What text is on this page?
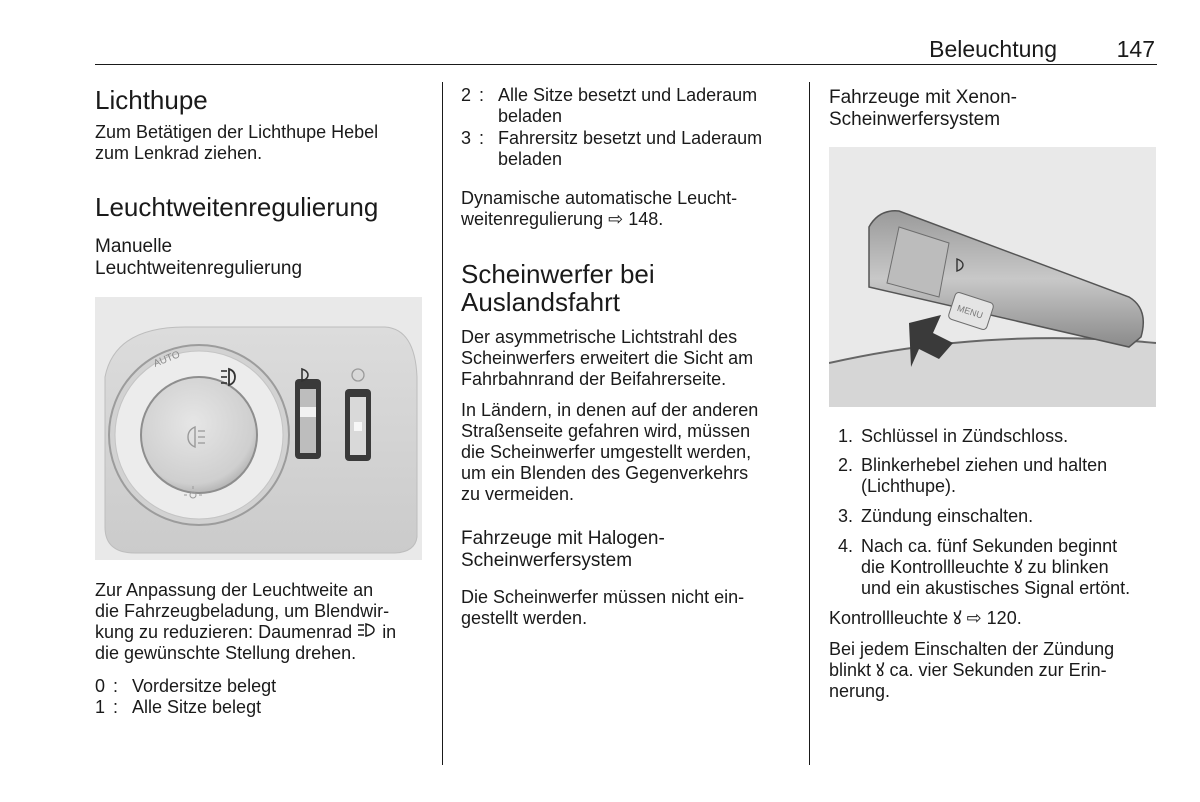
Beleuchtung	147
Lichthupe

Zum Betätigen der Lichthupe Hebel

zum Lenkrad ziehen.

Leuchtweitenregulierung
Manuelle
Leuchtweitenregulierung
AUTO

Zur Anpassung der Leuchtweite an

die Fahrzeugbeladung, um Blendwir-

kung zu reduzieren: Daumenrad in

die gewünschte Stellung drehen.

0 : Vordersitze belegt
1 : Alle Sitze belegt
2 : Alle Sitze besetzt und Laderaum

beladen

3 : Fahrersitz besetzt und Laderaum

beladen

Dynamische automatische Leucht-

weitenregulierung ⇨ 148.

Scheinwerfer bei
Auslandsfahrt

Der asymmetrische Lichtstrahl des

Scheinwerfers erweitert die Sicht am

Fahrbahnrand der Beifahrerseite.

In Ländern, in denen auf der anderen

Straßenseite gefahren wird, müssen

die Scheinwerfer umgestellt werden,

um ein Blenden des Gegenverkehrs

zu vermeiden.

Fahrzeuge mit Halogen-
Scheinwerfersystem

Die Scheinwerfer müssen nicht ein-

gestellt werden.

Fahrzeuge mit Xenon-
Scheinwerfersystem
MENU
1. Schlüssel in Zündschloss.

2. Blinkerhebel ziehen und halten

(Lichthupe).

3. Zündung einschalten.

4. Nach ca. fünf Sekunden beginnt

die Kontrollleuchte ꙋ zu blinken

und ein akustisches Signal ertönt.

Kontrollleuchte ꙋ ⇨ 120.

Bei jedem Einschalten der Zündung

blinkt ꙋ ca. vier Sekunden zur Erin-

nerung.
